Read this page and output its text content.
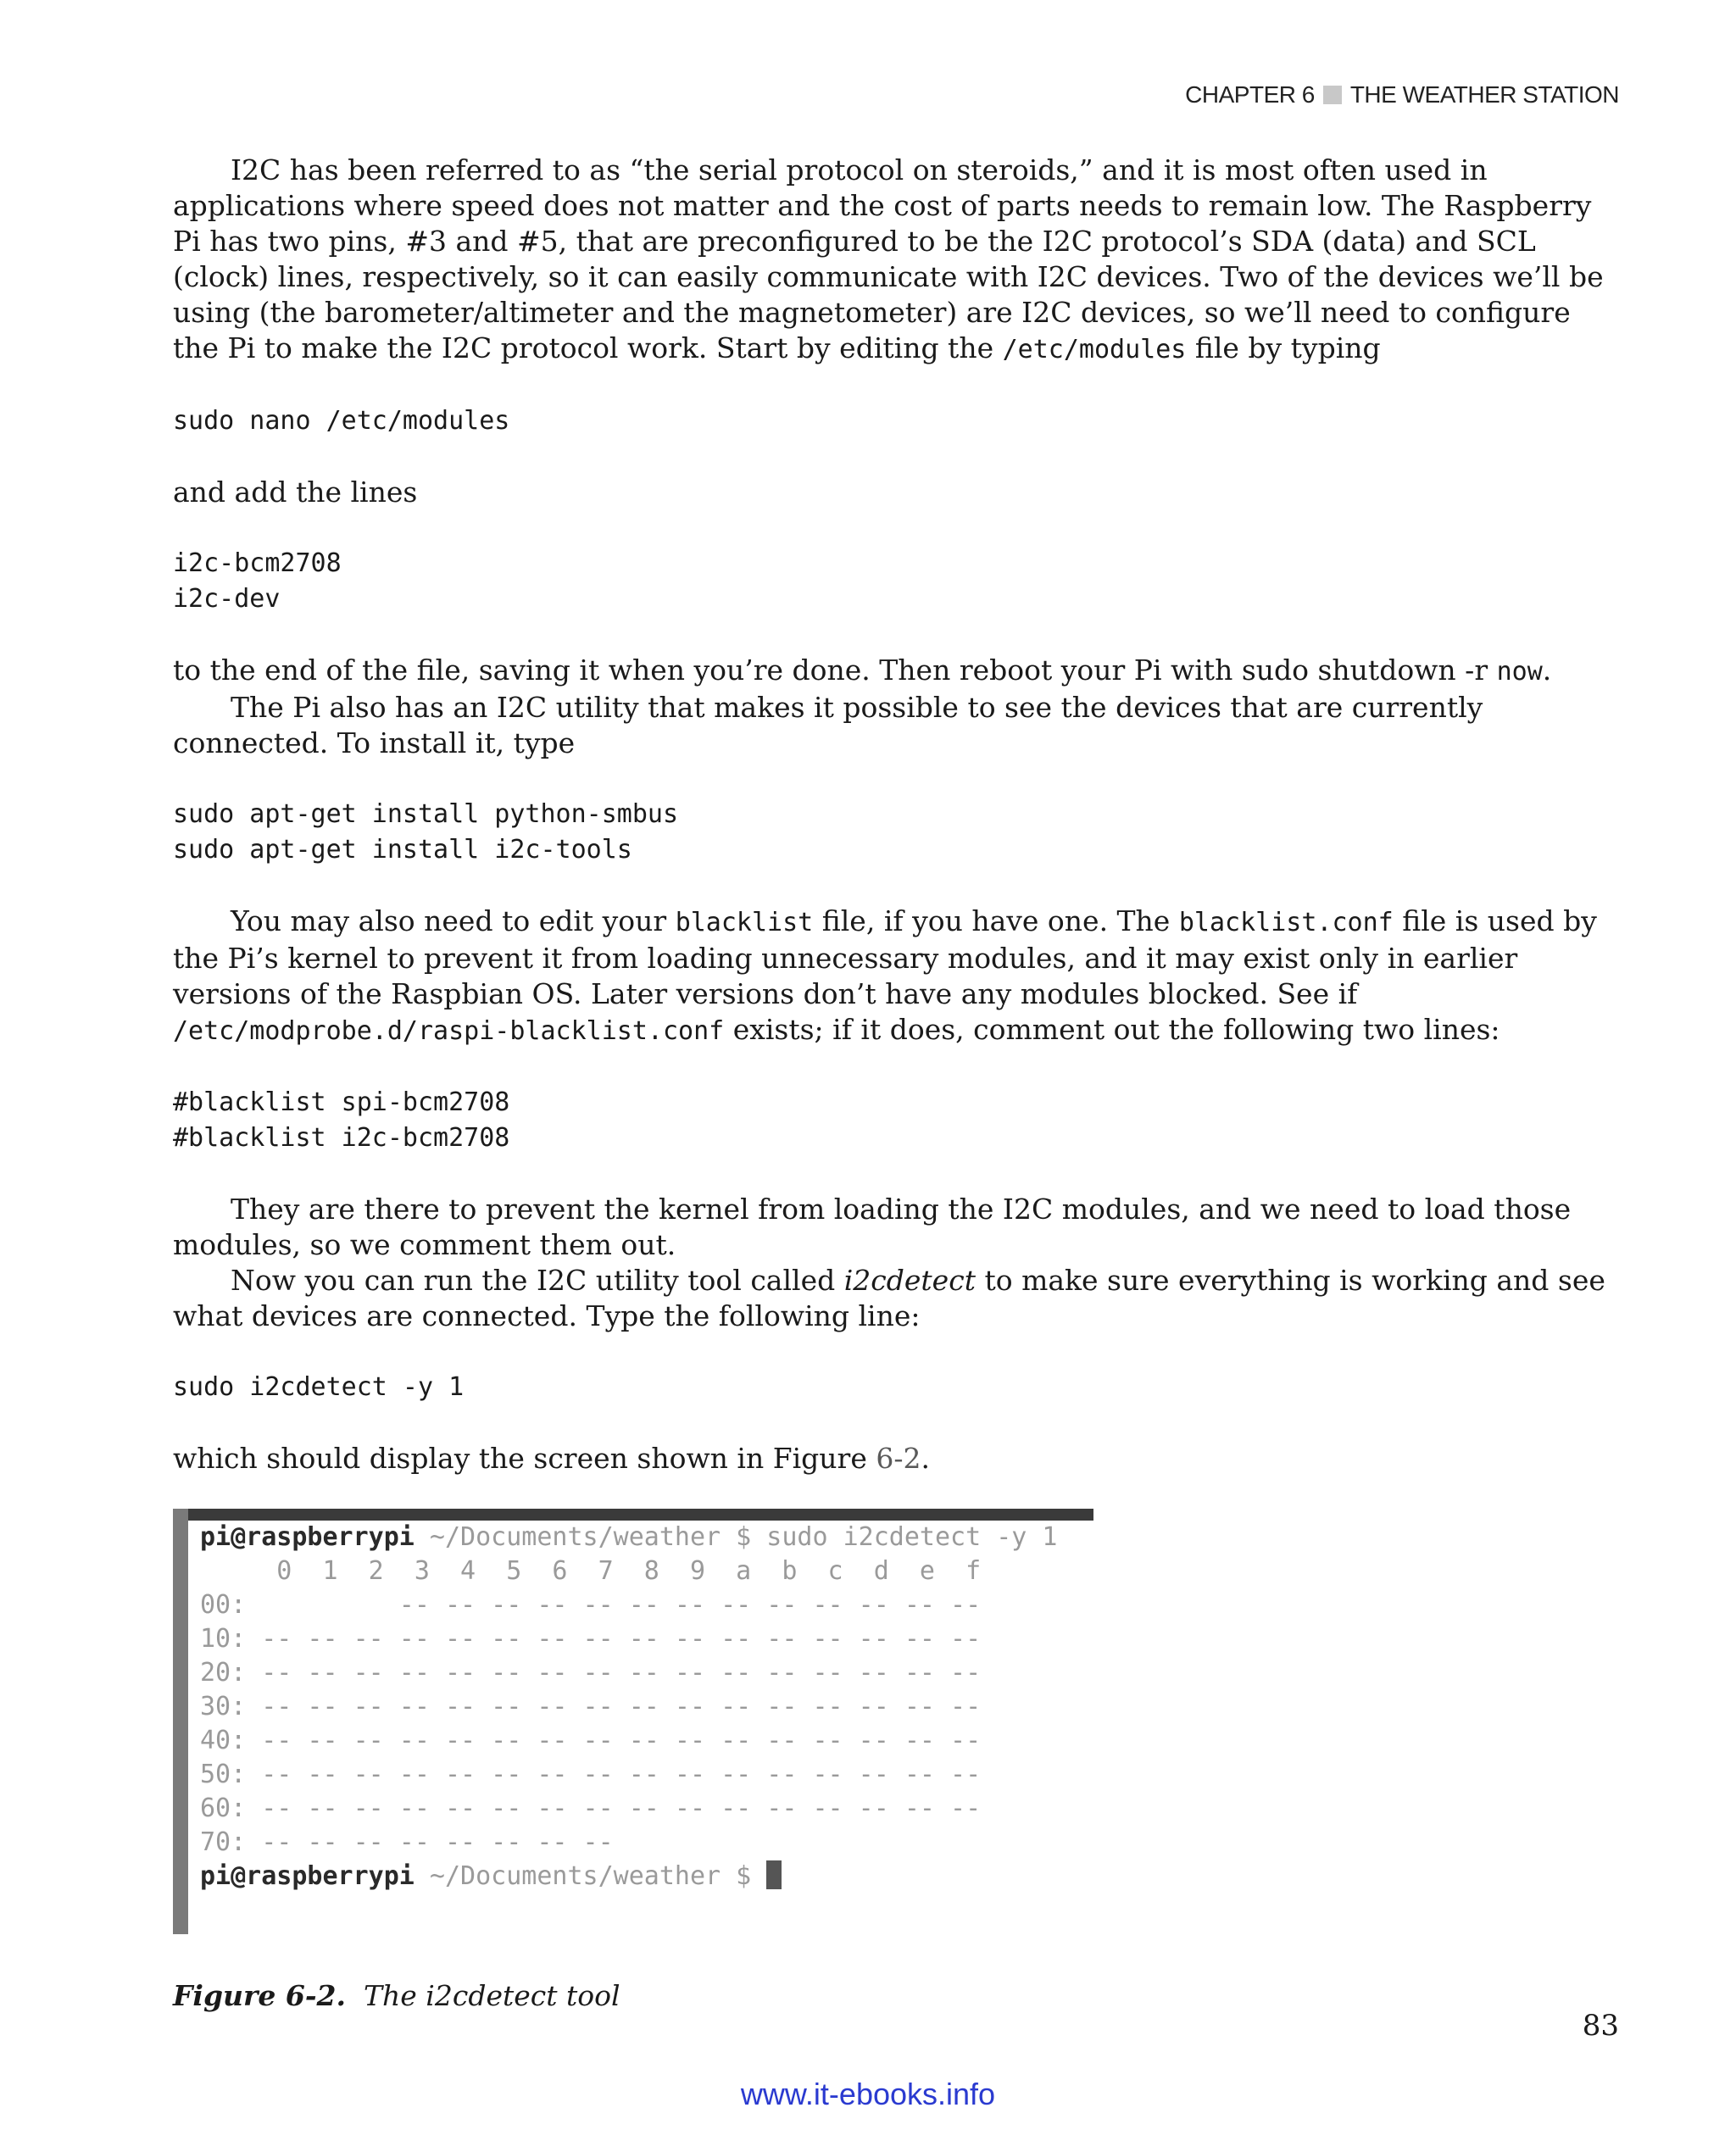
CHAPTER 6 THE WEATHER STATION

I2C has been referred to as “the serial protocol on steroids,” and it is most often used in applications where speed does not matter and the cost of parts needs to remain low. The Raspberry Pi has two pins, #3 and #5, that are preconfigured to be the I2C protocol’s SDA (data) and SCL (clock) lines, respectively, so it can easily communicate with I2C devices. Two of the devices we’ll be using (the barometer/altimeter and the magnetometer) are I2C devices, so we’ll need to configure the Pi to make the I2C protocol work. Start by editing the /etc/modules file by typing

sudo nano /etc/modules

and add the lines

i2c-bcm2708
i2c-dev

to the end of the file, saving it when you’re done. Then reboot your Pi with sudo shutdown -r now.

The Pi also has an I2C utility that makes it possible to see the devices that are currently connected. To install it, type

sudo apt-get install python-smbus
sudo apt-get install i2c-tools

You may also need to edit your blacklist file, if you have one. The blacklist.conf file is used by the Pi’s kernel to prevent it from loading unnecessary modules, and it may exist only in earlier versions of the Raspbian OS. Later versions don’t have any modules blocked. See if /etc/modprobe.d/raspi-blacklist.conf exists; if it does, comment out the following two lines:

#blacklist spi-bcm2708
#blacklist i2c-bcm2708

They are there to prevent the kernel from loading the I2C modules, and we need to load those modules, so we comment them out.

Now you can run the I2C utility tool called i2cdetect to make sure everything is working and see what devices are connected. Type the following line:

sudo i2cdetect -y 1

which should display the screen shown in Figure 6-2.

pi@raspberrypi ~/Documents/weather $ sudo i2cdetect -y 1
0  1  2  3  4  5  6  7  8  9  a  b  c  d  e  f
00:          -- -- -- -- -- -- -- -- -- -- -- -- --
10: -- -- -- -- -- -- -- -- -- -- -- -- -- -- -- --
20: -- -- -- -- -- -- -- -- -- -- -- -- -- -- -- --
30: -- -- -- -- -- -- -- -- -- -- -- -- -- -- -- --
40: -- -- -- -- -- -- -- -- -- -- -- -- -- -- -- --
50: -- -- -- -- -- -- -- -- -- -- -- -- -- -- -- --
60: -- -- -- -- -- -- -- -- -- -- -- -- -- -- -- --
70: -- -- -- -- -- -- -- --
pi@raspberrypi ~/Documents/weather $

Figure 6-2. The i2cdetect tool

83
www.it-ebooks.info
